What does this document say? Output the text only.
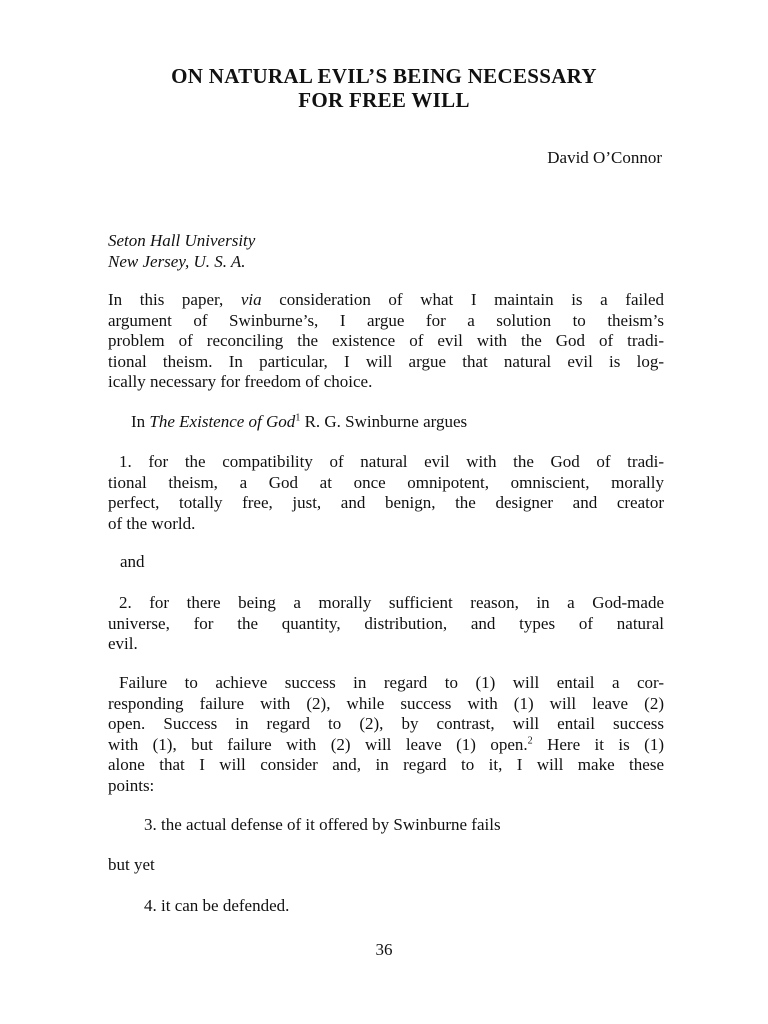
ON NATURAL EVIL’S BEING NECESSARY
FOR FREE WILL
David O’Connor
Seton Hall University
New Jersey, U. S. A.
In this paper, via consideration of what I maintain is a failed
argument of Swinburne’s, I argue for a solution to theism’s
problem of reconciling the existence of evil with the God of tradi-
tional theism. In particular, I will argue that natural evil is log-
ically necessary for freedom of choice.
In The Existence of God$^1$ R. G. Swinburne argues
1. for the compatibility of natural evil with the God of tradi-
tional theism, a God at once omnipotent, omniscient, morally
perfect, totally free, just, and benign, the designer and creator
of the world.
and
2. for there being a morally sufficient reason, in a God-made
universe, for the quantity, distribution, and types of natural
evil.
Failure to achieve success in regard to (1) will entail a cor-
responding failure with (2), while success with (1) will leave (2)
open. Success in regard to (2), by contrast, will entail success
with (1), but failure with (2) will leave (1) open.$^2$ Here it is (1)
alone that I will consider and, in regard to it, I will make these
points:
3. the actual defense of it offered by Swinburne fails
but yet
4. it can be defended.
36
